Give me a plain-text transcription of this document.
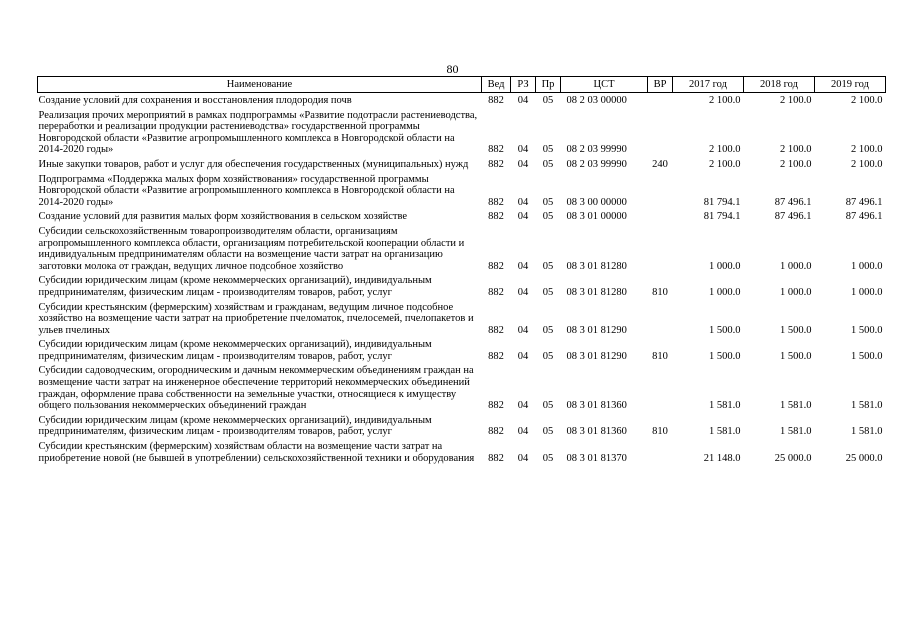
80
Наименование	Вед	РЗ	Пр	ЦСТ	ВР	2017 год	2018 год	2019 год
Создание условий для сохранения и восстановления плодородия почв	882	04	05	08 2 03 00000		2 100.0	2 100.0	2 100.0
Реализация прочих мероприятий в рамках подпрограммы «Развитие подотрасли растениеводства, переработки и реализации продукции растениеводства» государственной программы Новгородской области «Развитие агропромышленного комплекса в Новгородской области на 2014-2020 годы»	882	04	05	08 2 03 99990		2 100.0	2 100.0	2 100.0
Иные закупки товаров, работ и услуг для обеспечения государственных (муниципальных) нужд	882	04	05	08 2 03 99990	240	2 100.0	2 100.0	2 100.0
Подпрограмма «Поддержка малых форм хозяйствования» государственной программы Новгородской области «Развитие агропромышленного комплекса в Новгородской области на 2014-2020 годы»	882	04	05	08 3 00 00000		81 794.1	87 496.1	87 496.1
Создание условий для развития малых форм хозяйствования в сельском хозяйстве	882	04	05	08 3 01 00000		81 794.1	87 496.1	87 496.1
Субсидии сельскохозяйственным товаропроизводителям области, организациям агропромышленного комплекса области, организациям потребительской кооперации области и индивидуальным предпринимателям области на возмещение части затрат на организацию заготовки молока от граждан, ведущих личное подсобное хозяйство	882	04	05	08 3 01 81280		1 000.0	1 000.0	1 000.0
Субсидии юридическим лицам (кроме некоммерческих организаций), индивидуальным предпринимателям, физическим лицам - производителям товаров, работ, услуг	882	04	05	08 3 01 81280	810	1 000.0	1 000.0	1 000.0
Субсидии крестьянским (фермерским) хозяйствам и гражданам, ведущим личное подсобное хозяйство на возмещение части затрат на приобретение пчеломаток, пчелосемей, пчелопакетов и ульев пчелиных	882	04	05	08 3 01 81290		1 500.0	1 500.0	1 500.0
Субсидии юридическим лицам (кроме некоммерческих организаций), индивидуальным предпринимателям, физическим лицам - производителям товаров, работ, услуг	882	04	05	08 3 01 81290	810	1 500.0	1 500.0	1 500.0
Субсидии садоводческим, огородническим и дачным некоммерческим объединениям граждан на возмещение части затрат на инженерное обеспечение территорий некоммерческих объединений граждан, оформление права собственности на земельные участки, относящиеся к имуществу общего пользования некоммерческих объединений граждан	882	04	05	08 3 01 81360		1 581.0	1 581.0	1 581.0
Субсидии юридическим лицам (кроме некоммерческих организаций), индивидуальным предпринимателям, физическим лицам - производителям товаров, работ, услуг	882	04	05	08 3 01 81360	810	1 581.0	1 581.0	1 581.0
Субсидии крестьянским (фермерским) хозяйствам области на возмещение части затрат на приобретение новой (не бывшей в употреблении) сельскохозяйственной техники и оборудования	882	04	05	08 3 01 81370		21 148.0	25 000.0	25 000.0
